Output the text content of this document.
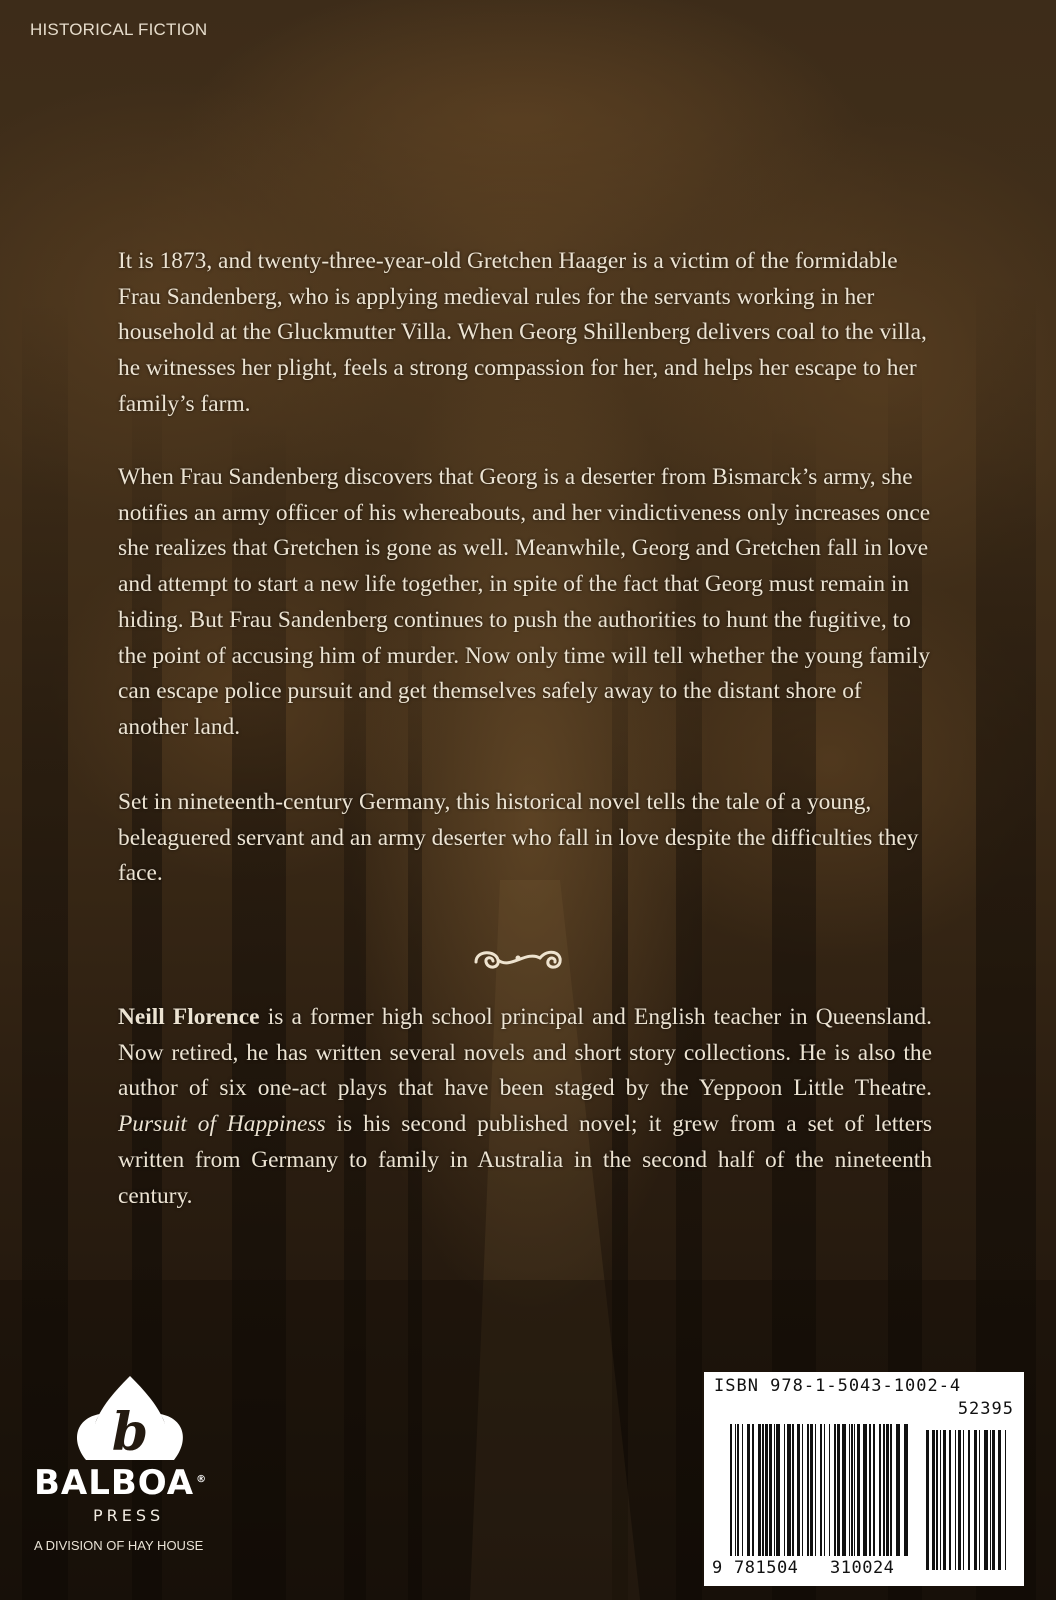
HISTORICAL FICTION

It is 1873, and twenty-three-year-old Gretchen Haager is a victim of the formidable Frau Sandenberg, who is applying medieval rules for the servants working in her household at the Gluckmutter Villa. When Georg Shillenberg delivers coal to the villa, he witnesses her plight, feels a strong compassion for her, and helps her escape to her family’s farm.

When Frau Sandenberg discovers that Georg is a deserter from Bismarck’s army, she notifies an army officer of his whereabouts, and her vindictiveness only increases once she realizes that Gretchen is gone as well. Meanwhile, Georg and Gretchen fall in love and attempt to start a new life together, in spite of the fact that Georg must remain in hiding. But Frau Sandenberg continues to push the authorities to hunt the fugitive, to the point of accusing him of murder. Now only time will tell whether the young family can escape police pursuit and get themselves safely away to the distant shore of another land.

Set in nineteenth-century Germany, this historical novel tells the tale of a young, beleaguered servant and an army deserter who fall in love despite the difficulties they face.

Neill Florence is a former high school principal and English teacher in Queensland. Now retired, he has written several novels and short story collections. He is also the author of six one-act plays that have been staged by the Yeppoon Little Theatre. Pursuit of Happiness is his second published novel; it grew from a set of letters written from Germany to family in Australia in the second half of the nineteenth century.

b
BALBOA ®
PRESS
A DIVISION OF HAY HOUSE
ISBN 978-1-5043-1002-4
52395
9 781504 310024
